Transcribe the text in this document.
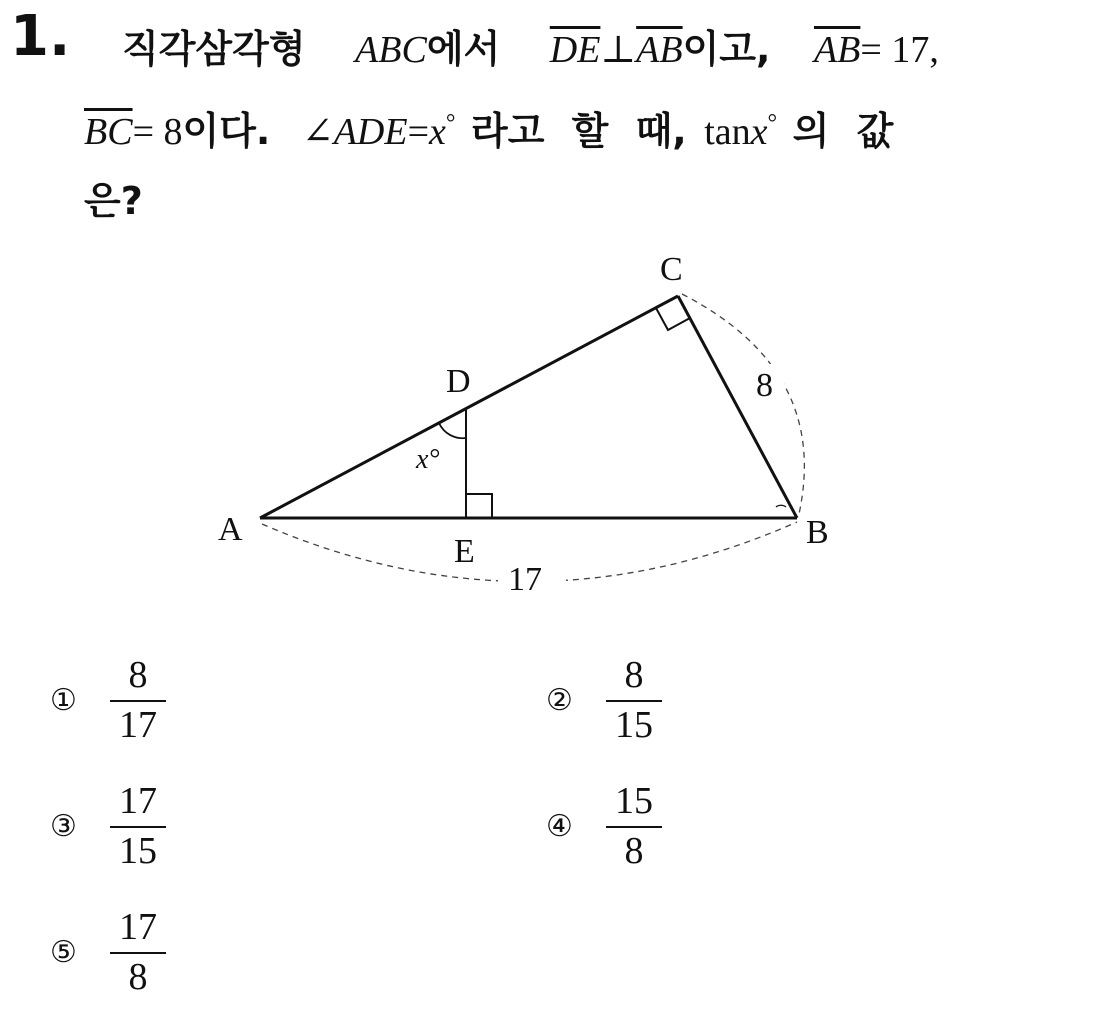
1. 직각삼각형 ABC에서 $\overline{DE}\perp\overline{AB}$이고, $\overline{AB}= 17$,
$\overline{BC}= 8$이다. ∠ADE=x° 라고 할 때, tanx° 의 값
은?
A	B
C
D
E
8
17
x°
① $\frac{8}{17}$	② $\frac{8}{15}$
③ $\frac{17}{15}$	④ $\frac{15}{8}$
⑤ $\frac{17}{8}$
